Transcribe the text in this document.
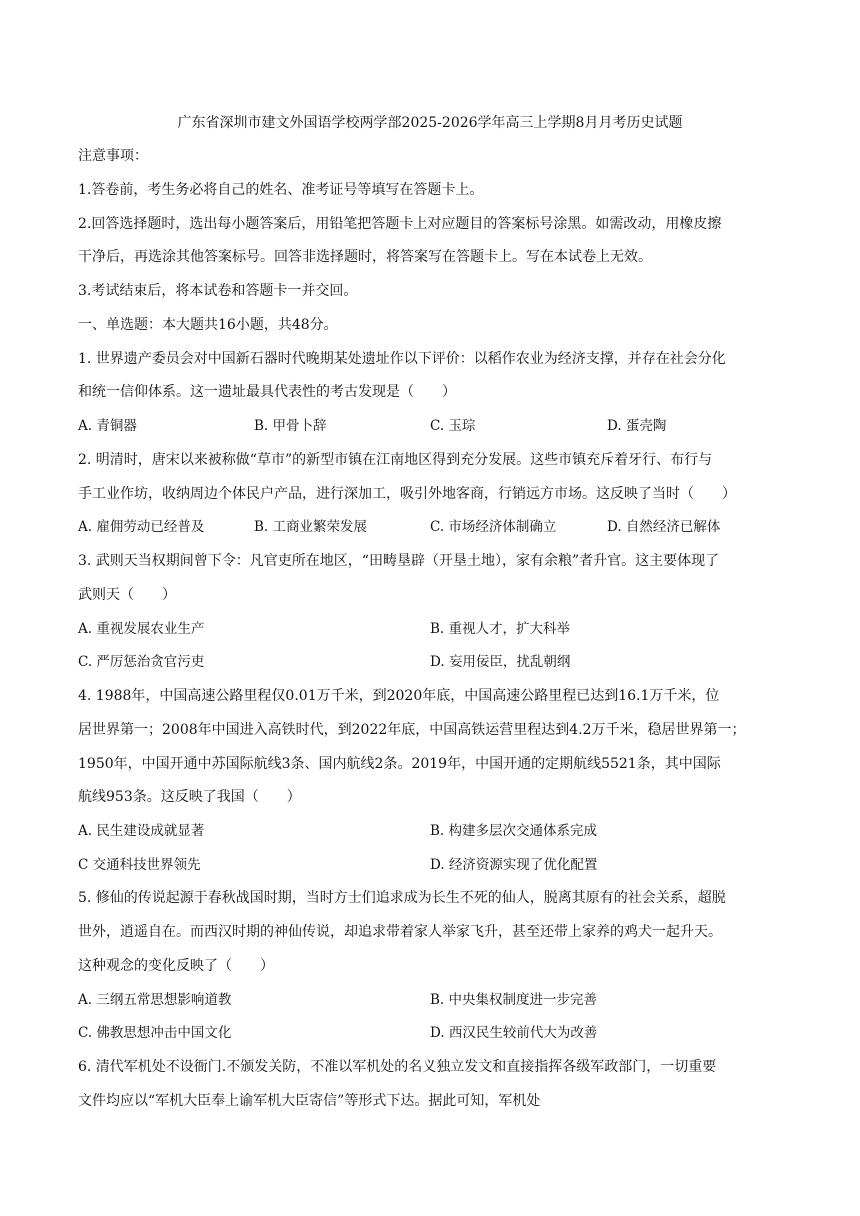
广东省深圳市建文外国语学校两学部2025-2026学年高三上学期8月月考历史试题
注意事项：
1.答卷前，考生务必将自己的姓名、准考证号等填写在答题卡上。
2.回答选择题时，选出每小题答案后，用铅笔把答题卡上对应题目的答案标号涂黑。如需改动，用橡皮擦
干净后，再选涂其他答案标号。回答非选择题时，将答案写在答题卡上。写在本试卷上无效。
3.考试结束后，将本试卷和答题卡一并交回。
一、单选题：本大题共16小题，共48分。
1. 世界遗产委员会对中国新石器时代晚期某处遗址作以下评价：以稻作农业为经济支撑，并存在社会分化
和统一信仰体系。这一遗址最具代表性的考古发现是（　　）
A. 青铜器	B. 甲骨卜辞	C. 玉琮	D. 蛋壳陶
2. 明清时，唐宋以来被称做“草市”的新型市镇在江南地区得到充分发展。这些市镇充斥着牙行、布行与
手工业作坊，收纳周边个体民户产品，进行深加工，吸引外地客商，行销远方市场。这反映了当时（　　）
A. 雇佣劳动已经普及	B. 工商业繁荣发展	C. 市场经济体制确立	D. 自然经济已解体
3. 武则天当权期间曾下令：凡官吏所在地区，“田畴垦辟（开垦土地），家有余粮”者升官。这主要体现了
武则天（　　）
A. 重视发展农业生产	B. 重视人才，扩大科举
C. 严厉惩治贪官污吏	D. 妄用佞臣，扰乱朝纲
4. 1988年，中国高速公路里程仅0.01万千米，到2020年底，中国高速公路里程已达到16.1万千米，位
居世界第一；2008年中国进入高铁时代，到2022年底，中国高铁运营里程达到4.2万千米，稳居世界第一；
1950年，中国开通中苏国际航线3条、国内航线2条。2019年，中国开通的定期航线5521条，其中国际
航线953条。这反映了我国（　　）
A. 民生建设成就显著	B. 构建多层次交通体系完成
C 交通科技世界领先	D. 经济资源实现了优化配置
5. 修仙的传说起源于春秋战国时期，当时方士们追求成为长生不死的仙人，脱离其原有的社会关系，超脱
世外，逍遥自在。而西汉时期的神仙传说，却追求带着家人举家飞升，甚至还带上家养的鸡犬一起升天。
这种观念的变化反映了（　　）
A. 三纲五常思想影响道教	B. 中央集权制度进一步完善
C. 佛教思想冲击中国文化	D. 西汉民生较前代大为改善
6. 清代军机处不设衙门.不颁发关防，不准以军机处的名义独立发文和直接指挥各级军政部门，一切重要
文件均应以“军机大臣奉上谕军机大臣寄信”等形式下达。据此可知，军机处
